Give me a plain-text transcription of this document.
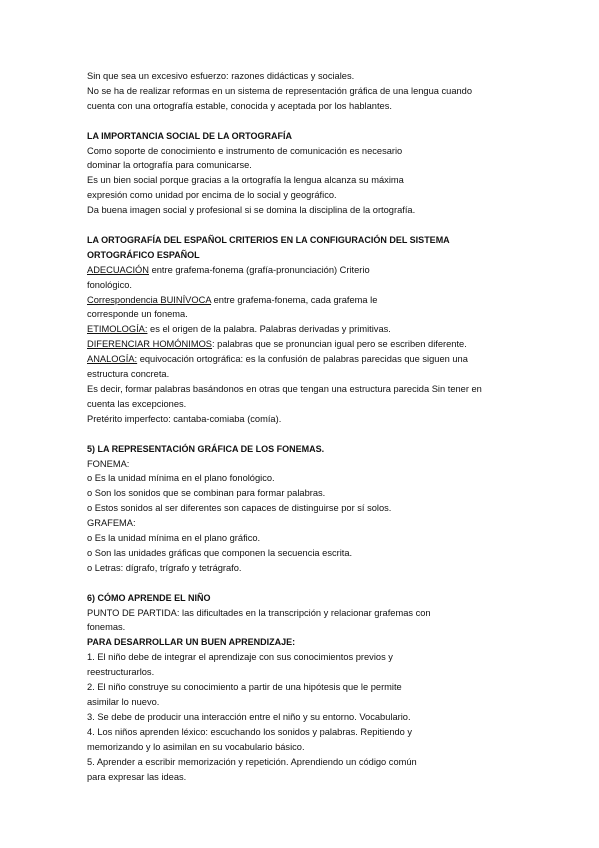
Sin que sea un excesivo esfuerzo: razones didácticas y sociales.
No se ha de realizar reformas en un sistema de representación gráfica de una lengua cuando
cuenta con una ortografía estable, conocida y aceptada por los hablantes.
LA IMPORTANCIA SOCIAL DE LA ORTOGRAFÍA
Como soporte de conocimiento e instrumento de comunicación es necesario
dominar la ortografía para comunicarse.
Es un bien social porque gracias a la ortografía la lengua alcanza su máxima
expresión como unidad por encima de lo social y geográfico.
Da buena imagen social y profesional si se domina la disciplina de la ortografía.
LA ORTOGRAFÍA DEL ESPAÑOL CRITERIOS EN LA CONFIGURACIÓN DEL SISTEMA
ORTOGRÁFICO ESPAÑOL
ADECUACIÓN entre grafema-fonema (grafía-pronunciación) Criterio
fonológico.
Correspondencia BUINÍVOCA entre grafema-fonema, cada grafema le
corresponde un fonema.
ETIMOLOGÍA: es el origen de la palabra. Palabras derivadas y primitivas.
DIFERENCIAR HOMÓNIMOS: palabras que se pronuncian igual pero se escriben diferente.
ANALOGÍA: equivocación ortográfica: es la confusión de palabras parecidas que siguen una
estructura concreta.
Es decir, formar palabras basándonos en otras que tengan una estructura parecida Sin tener en
cuenta las excepciones.
Pretérito imperfecto: cantaba-comiaba (comía).
5) LA REPRESENTACIÓN GRÁFICA DE LOS FONEMAS.
FONEMA:
o Es la unidad mínima en el plano fonológico.
o Son los sonidos que se combinan para formar palabras.
o Estos sonidos al ser diferentes son capaces de distinguirse por sí solos.
GRAFEMA:
o Es la unidad mínima en el plano gráfico.
o Son las unidades gráficas que componen la secuencia escrita.
o Letras: dígrafo, trígrafo y tetrágrafo.
6) CÓMO APRENDE EL NIÑO
PUNTO DE PARTIDA: las dificultades en la transcripción y relacionar grafemas con
fonemas.
PARA DESARROLLAR UN BUEN APRENDIZAJE:
1. El niño debe de integrar el aprendizaje con sus conocimientos previos y
reestructurarlos.
2. El niño construye su conocimiento a partir de una hipótesis que le permite
asimilar lo nuevo.
3. Se debe de producir una interacción entre el niño y su entorno. Vocabulario.
4. Los niños aprenden léxico: escuchando los sonidos y palabras. Repitiendo y
memorizando y lo asimilan en su vocabulario básico.
5. Aprender a escribir memorización y repetición. Aprendiendo un código común
para expresar las ideas.
